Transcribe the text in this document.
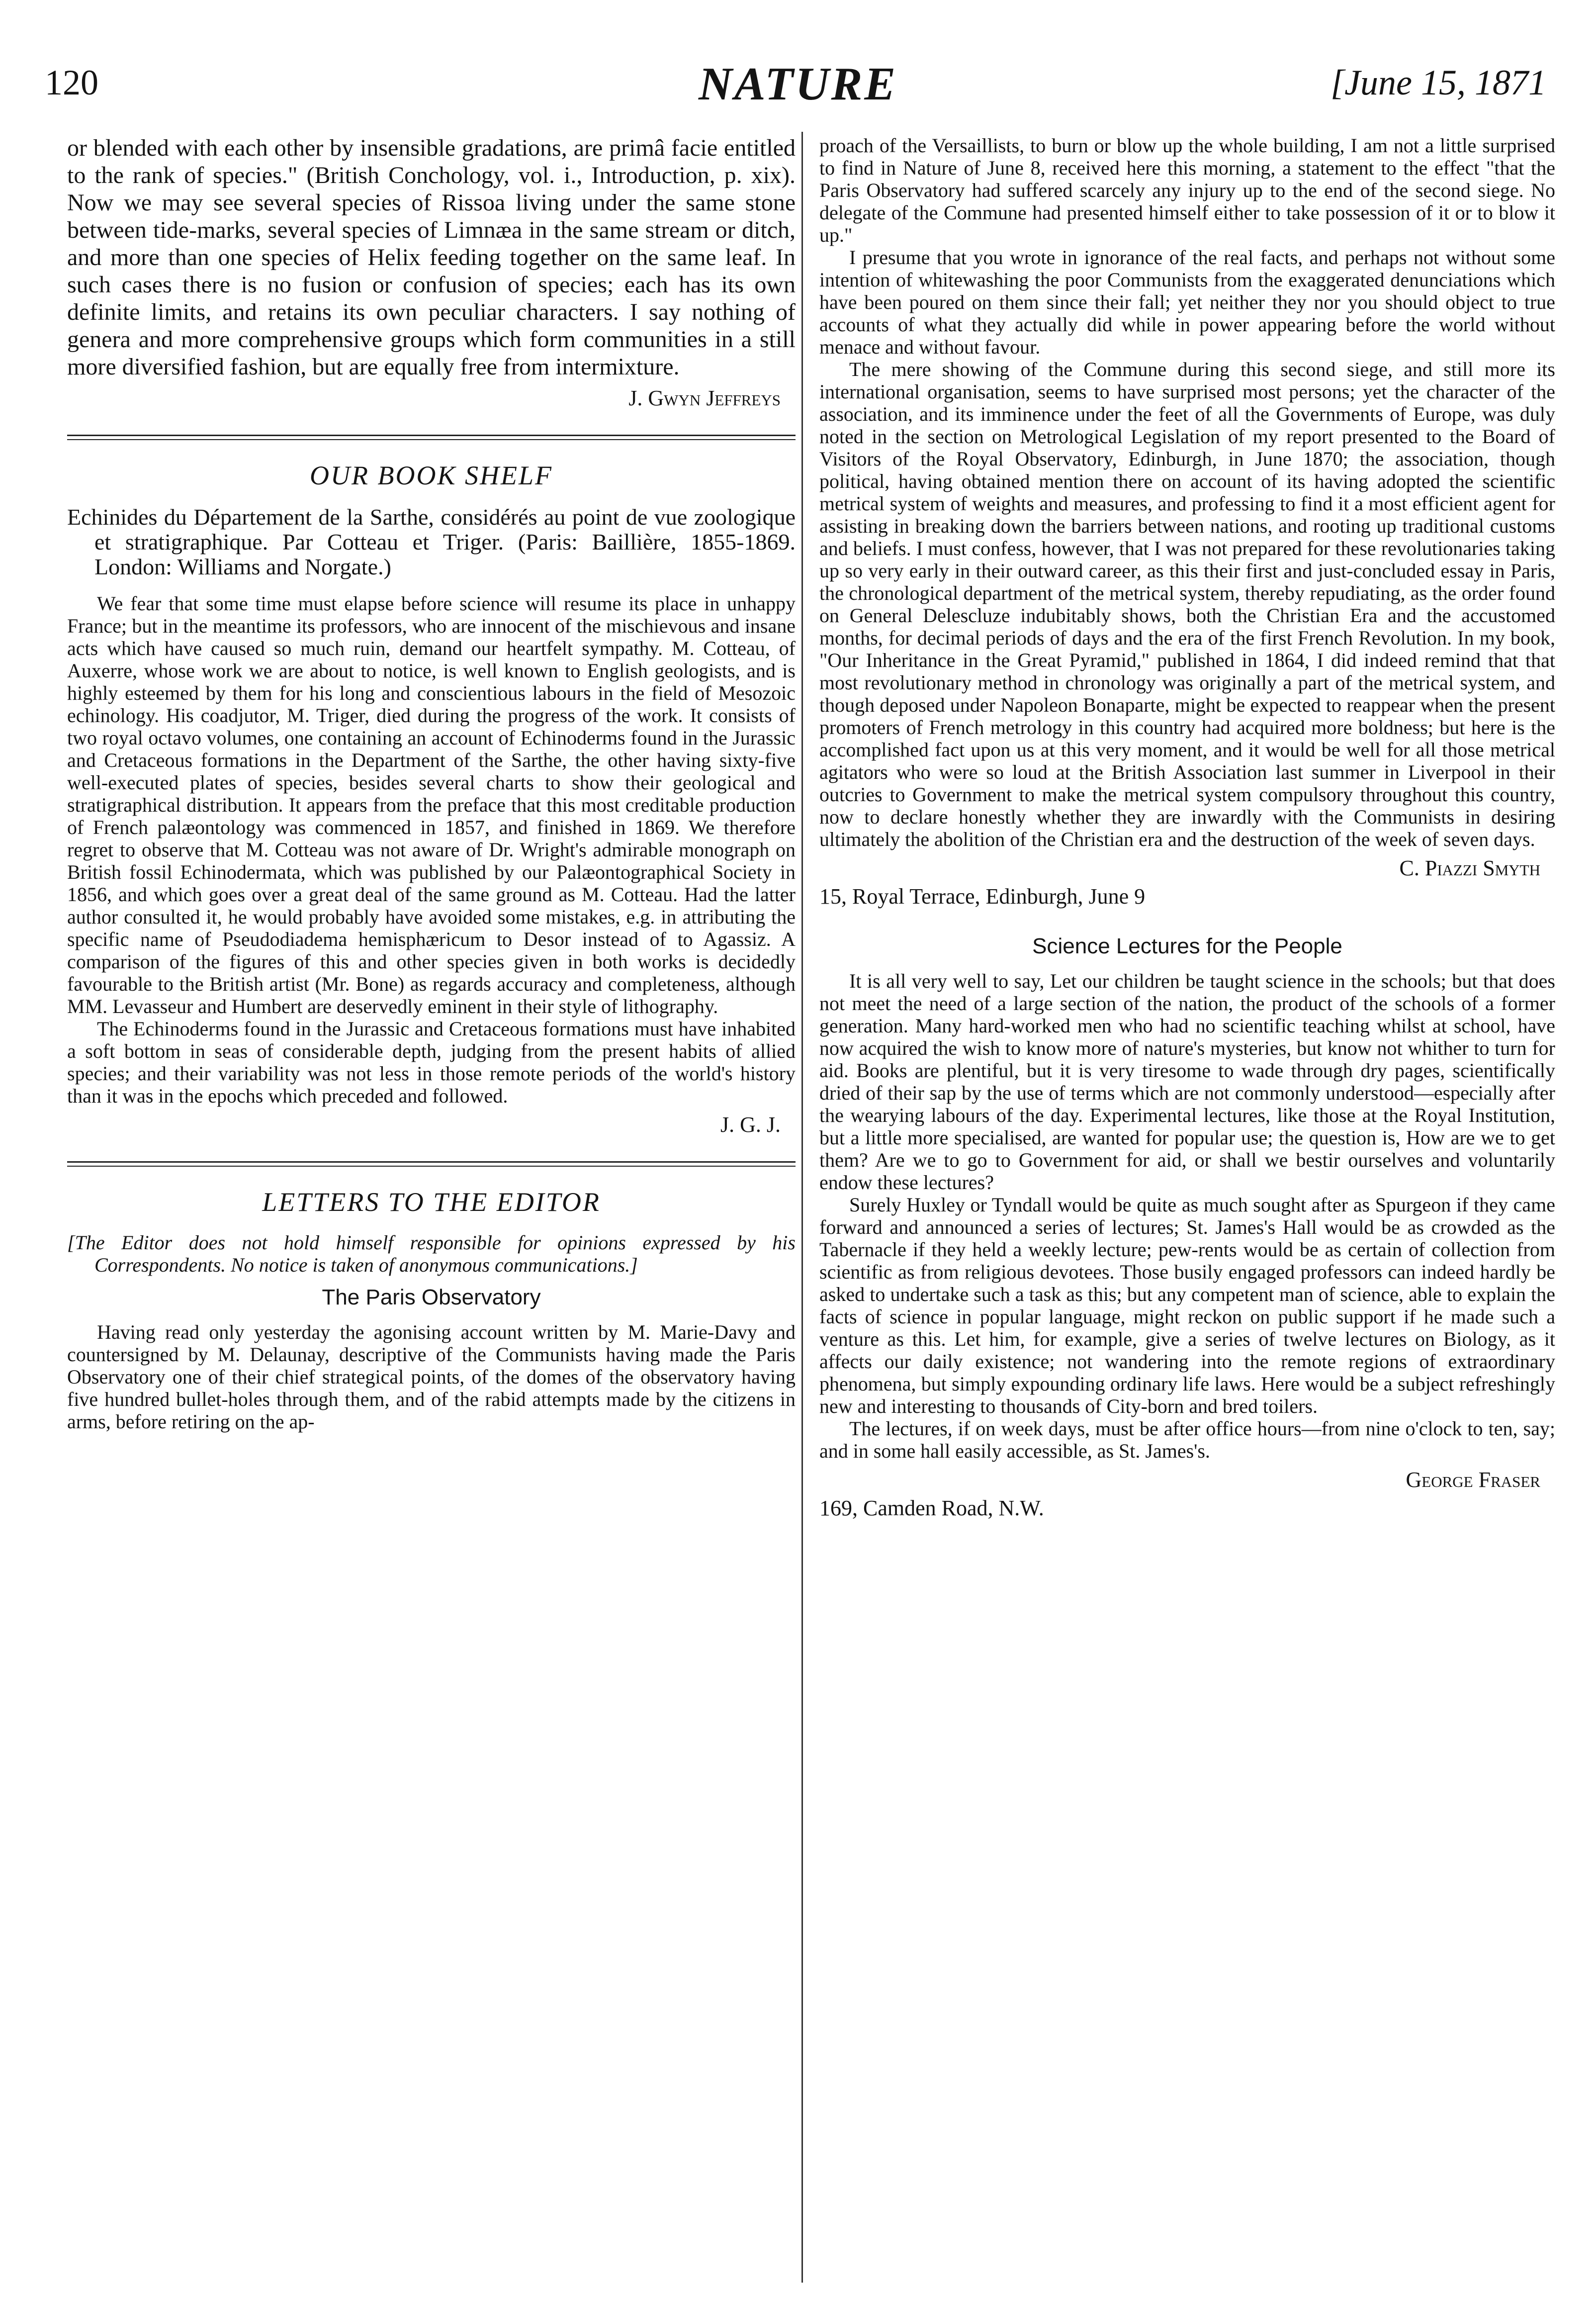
120	NATURE	[June 15, 1871

or blended with each other by insensible gradations, are primâ facie entitled to the rank of species." (British Conchology, vol. i., Introduction, p. xix). Now we may see several species of Rissoa living under the same stone between tide-marks, several species of Limnæa in the same stream or ditch, and more than one species of Helix feeding together on the same leaf. In such cases there is no fusion or confusion of species; each has its own definite limits, and retains its own peculiar characters. I say nothing of genera and more comprehensive groups which form communities in a still more diversified fashion, but are equally free from intermixture.

J. Gwyn Jeffreys
OUR BOOK SHELF

Echinides du Département de la Sarthe, considérés au point de vue zoologique et stratigraphique. Par Cotteau et Triger. (Paris: Baillière, 1855-1869. London: Williams and Norgate.)

We fear that some time must elapse before science will resume its place in unhappy France; but in the meantime its professors, who are innocent of the mischievous and insane acts which have caused so much ruin, demand our heartfelt sympathy. M. Cotteau, of Auxerre, whose work we are about to notice, is well known to English geologists, and is highly esteemed by them for his long and conscientious labours in the field of Mesozoic echinology. His coadjutor, M. Triger, died during the progress of the work. It consists of two royal octavo volumes, one containing an account of Echinoderms found in the Jurassic and Cretaceous formations in the Department of the Sarthe, the other having sixty-five well-executed plates of species, besides several charts to show their geological and stratigraphical distribution. It appears from the preface that this most creditable production of French palæontology was commenced in 1857, and finished in 1869. We therefore regret to observe that M. Cotteau was not aware of Dr. Wright's admirable monograph on British fossil Echinodermata, which was published by our Palæontographical Society in 1856, and which goes over a great deal of the same ground as M. Cotteau. Had the latter author consulted it, he would probably have avoided some mistakes, e.g. in attributing the specific name of Pseudodiadema hemisphæricum to Desor instead of to Agassiz. A comparison of the figures of this and other species given in both works is decidedly favourable to the British artist (Mr. Bone) as regards accuracy and completeness, although MM. Levasseur and Humbert are deservedly eminent in their style of lithography.

The Echinoderms found in the Jurassic and Cretaceous formations must have inhabited a soft bottom in seas of considerable depth, judging from the present habits of allied species; and their variability was not less in those remote periods of the world's history than it was in the epochs which preceded and followed.

J. G. J.
LETTERS TO THE EDITOR

[The Editor does not hold himself responsible for opinions expressed by his Correspondents. No notice is taken of anonymous communications.]

The Paris Observatory

Having read only yesterday the agonising account written by M. Marie-Davy and countersigned by M. Delaunay, descriptive of the Communists having made the Paris Observatory one of their chief strategical points, of the domes of the observatory having five hundred bullet-holes through them, and of the rabid attempts made by the citizens in arms, before retiring on the ap-

proach of the Versaillists, to burn or blow up the whole building, I am not a little surprised to find in Nature of June 8, received here this morning, a statement to the effect "that the Paris Observatory had suffered scarcely any injury up to the end of the second siege. No delegate of the Commune had presented himself either to take possession of it or to blow it up."

I presume that you wrote in ignorance of the real facts, and perhaps not without some intention of whitewashing the poor Communists from the exaggerated denunciations which have been poured on them since their fall; yet neither they nor you should object to true accounts of what they actually did while in power appearing before the world without menace and without favour.

The mere showing of the Commune during this second siege, and still more its international organisation, seems to have surprised most persons; yet the character of the association, and its imminence under the feet of all the Governments of Europe, was duly noted in the section on Metrological Legislation of my report presented to the Board of Visitors of the Royal Observatory, Edinburgh, in June 1870; the association, though political, having obtained mention there on account of its having adopted the scientific metrical system of weights and measures, and professing to find it a most efficient agent for assisting in breaking down the barriers between nations, and rooting up traditional customs and beliefs. I must confess, however, that I was not prepared for these revolutionaries taking up so very early in their outward career, as this their first and just-concluded essay in Paris, the chronological department of the metrical system, thereby repudiating, as the order found on General Delescluze indubitably shows, both the Christian Era and the accustomed months, for decimal periods of days and the era of the first French Revolution. In my book, "Our Inheritance in the Great Pyramid," published in 1864, I did indeed remind that that most revolutionary method in chronology was originally a part of the metrical system, and though deposed under Napoleon Bonaparte, might be expected to reappear when the present promoters of French metrology in this country had acquired more boldness; but here is the accomplished fact upon us at this very moment, and it would be well for all those metrical agitators who were so loud at the British Association last summer in Liverpool in their outcries to Government to make the metrical system compulsory throughout this country, now to declare honestly whether they are inwardly with the Communists in desiring ultimately the abolition of the Christian era and the destruction of the week of seven days.

C. Piazzi Smyth
15, Royal Terrace, Edinburgh, June 9
Science Lectures for the People

It is all very well to say, Let our children be taught science in the schools; but that does not meet the need of a large section of the nation, the product of the schools of a former generation. Many hard-worked men who had no scientific teaching whilst at school, have now acquired the wish to know more of nature's mysteries, but know not whither to turn for aid. Books are plentiful, but it is very tiresome to wade through dry pages, scientifically dried of their sap by the use of terms which are not commonly understood—especially after the wearying labours of the day. Experimental lectures, like those at the Royal Institution, but a little more specialised, are wanted for popular use; the question is, How are we to get them? Are we to go to Government for aid, or shall we bestir ourselves and voluntarily endow these lectures?

Surely Huxley or Tyndall would be quite as much sought after as Spurgeon if they came forward and announced a series of lectures; St. James's Hall would be as crowded as the Tabernacle if they held a weekly lecture; pew-rents would be as certain of collection from scientific as from religious devotees. Those busily engaged professors can indeed hardly be asked to undertake such a task as this; but any competent man of science, able to explain the facts of science in popular language, might reckon on public support if he made such a venture as this. Let him, for example, give a series of twelve lectures on Biology, as it affects our daily existence; not wandering into the remote regions of extraordinary phenomena, but simply expounding ordinary life laws. Here would be a subject refreshingly new and interesting to thousands of City-born and bred toilers.

The lectures, if on week days, must be after office hours—from nine o'clock to ten, say; and in some hall easily accessible, as St. James's.

George Fraser
169, Camden Road, N.W.
